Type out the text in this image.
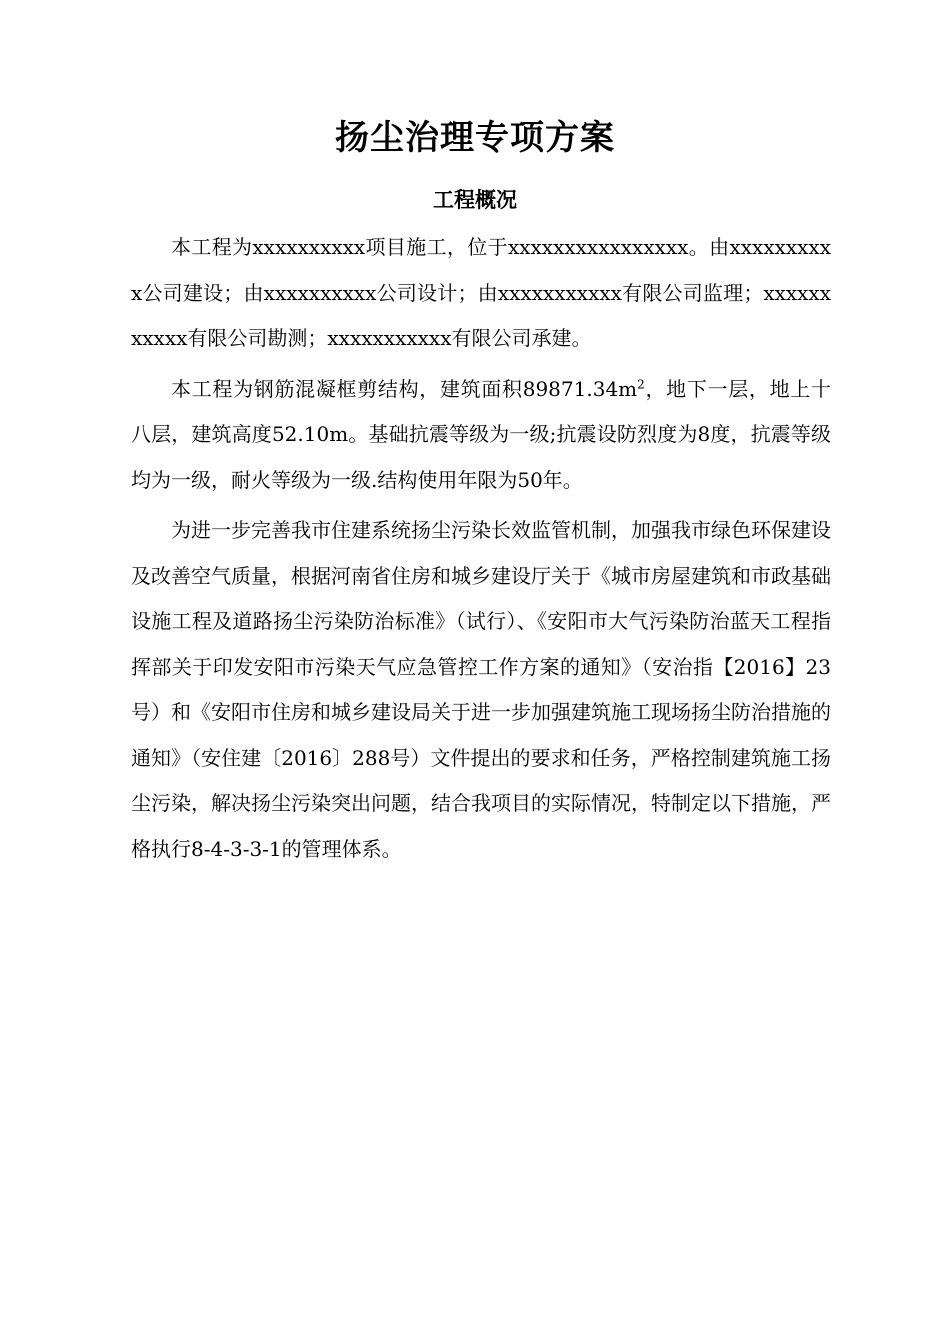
扬尘治理专项方案
工程概况

本工程为xxxxxxxxxx项目施工，位于xxxxxxxxxxxxxxxx。由xxxxxxxxxx公司建设；由xxxxxxxxxx公司设计；由xxxxxxxxxxx有限公司监理；xxxxxxxxxxx有限公司勘测；xxxxxxxxxxx有限公司承建。

本工程为钢筋混凝框剪结构，建筑面积$89871.34m^2$，地下一层，地上十八层，建筑高度52.10m。基础抗震等级为一级;抗震设防烈度为8度，抗震等级均为一级，耐火等级为一级.结构使用年限为50年。

为进一步完善我市住建系统扬尘污染长效监管机制，加强我市绿色环保建设及改善空气质量，根据河南省住房和城乡建设厅关于《城市房屋建筑和市政基础设施工程及道路扬尘污染防治标准》（试行）、《安阳市大气污染防治蓝天工程指挥部关于印发安阳市污染天气应急管控工作方案的通知》（安治指【2016】23号）和《安阳市住房和城乡建设局关于进一步加强建筑施工现场扬尘防治措施的通知》（安住建〔2016〕288号）文件提出的要求和任务，严格控制建筑施工扬尘污染，解决扬尘污染突出问题，结合我项目的实际情况，特制定以下措施，严格执行8-4-3-3-1的管理体系。
